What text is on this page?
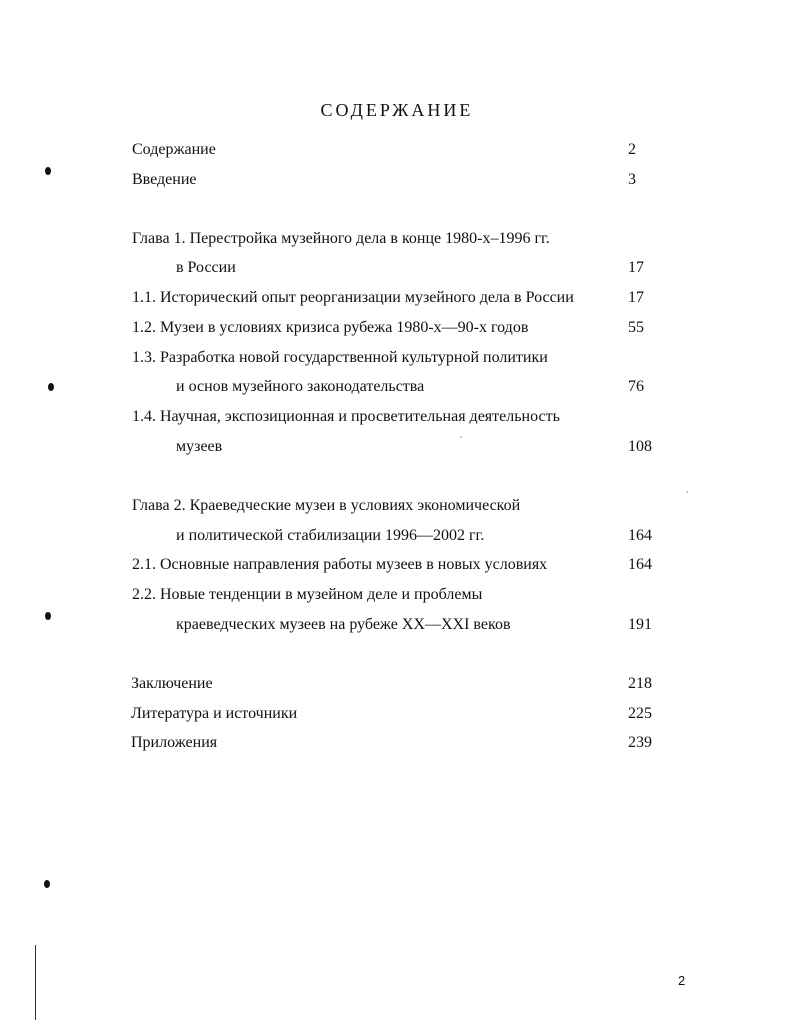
СОДЕРЖАНИЕ
Содержание	2
Введение	3
Глава 1. Перестройка музейного дела в конце 1980-х–1996 гг.
в России	17
1.1. Исторический опыт реорганизации музейного дела в России	17
1.2. Музеи в условиях кризиса рубежа 1980-х—90-х годов	55
1.3. Разработка новой государственной культурной политики
и основ музейного законодательства	76
1.4. Научная, экспозиционная и просветительная деятельность
музеев	108
Глава 2. Краеведческие музеи в условиях экономической
и политической стабилизации 1996—2002 гг.	164
2.1. Основные направления работы музеев в новых условиях	164
2.2. Новые тенденции в музейном деле и проблемы
краеведческих музеев на рубеже XX—XXI веков	191
Заключение	218
Литература и источники	225
Приложения	239
2
